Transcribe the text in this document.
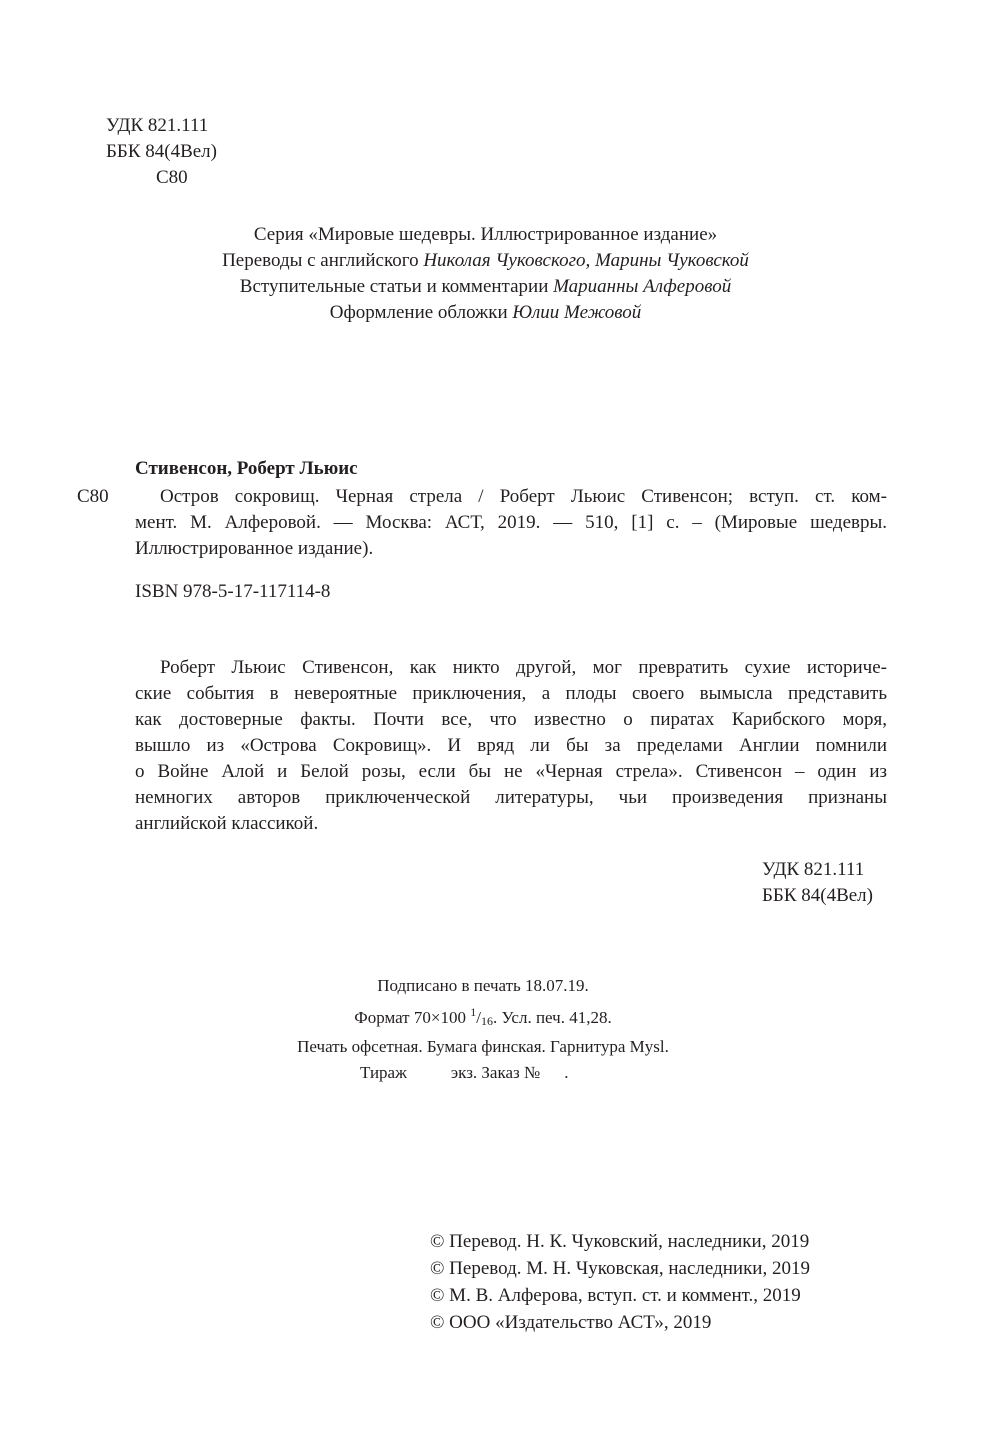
УДК 821.111
ББК 84(4Вел)
С80
Серия «Мировые шедевры. Иллюстрированное издание»
Переводы с английского Николая Чуковского, Марины Чуковской
Вступительные статьи и комментарии Марианны Алферовой
Оформление обложки Юлии Межовой
Стивенсон, Роберт Льюис
С80	Остров сокровищ. Черная стрела / Роберт Льюис Стивенсон; вступ. ст. ком-
мент. М. Алферовой. — Москва: АСТ, 2019. — 510, [1] с. – (Мировые шедевры.
Иллюстрированное издание).
ISBN 978-5-17-117114-8
Роберт Льюис Стивенсон, как никто другой, мог превратить сухие историче-
ские события в невероятные приключения, а плоды своего вымысла представить
как достоверные факты. Почти все, что известно о пиратах Карибского моря,
вышло из «Острова Сокровищ». И вряд ли бы за пределами Англии помнили
о Войне Алой и Белой розы, если бы не «Черная стрела». Стивенсон – один из
немногих авторов приключенческой литературы, чьи произведения признаны
английской классикой.
УДК 821.111
ББК 84(4Вел)
Подписано в печать 18.07.19.
Формат 70×100 $^1/_{16}$. Усл. печ. 41,28.
Печать офсетная. Бумага финская. Гарнитура Mysl.
Тираж	экз. Заказ № .
© Перевод. Н. К. Чуковский, наследники, 2019
© Перевод. М. Н. Чуковская, наследники, 2019
© М. В. Алферова, вступ. ст. и коммент., 2019
© ООО «Издательство АСТ», 2019
